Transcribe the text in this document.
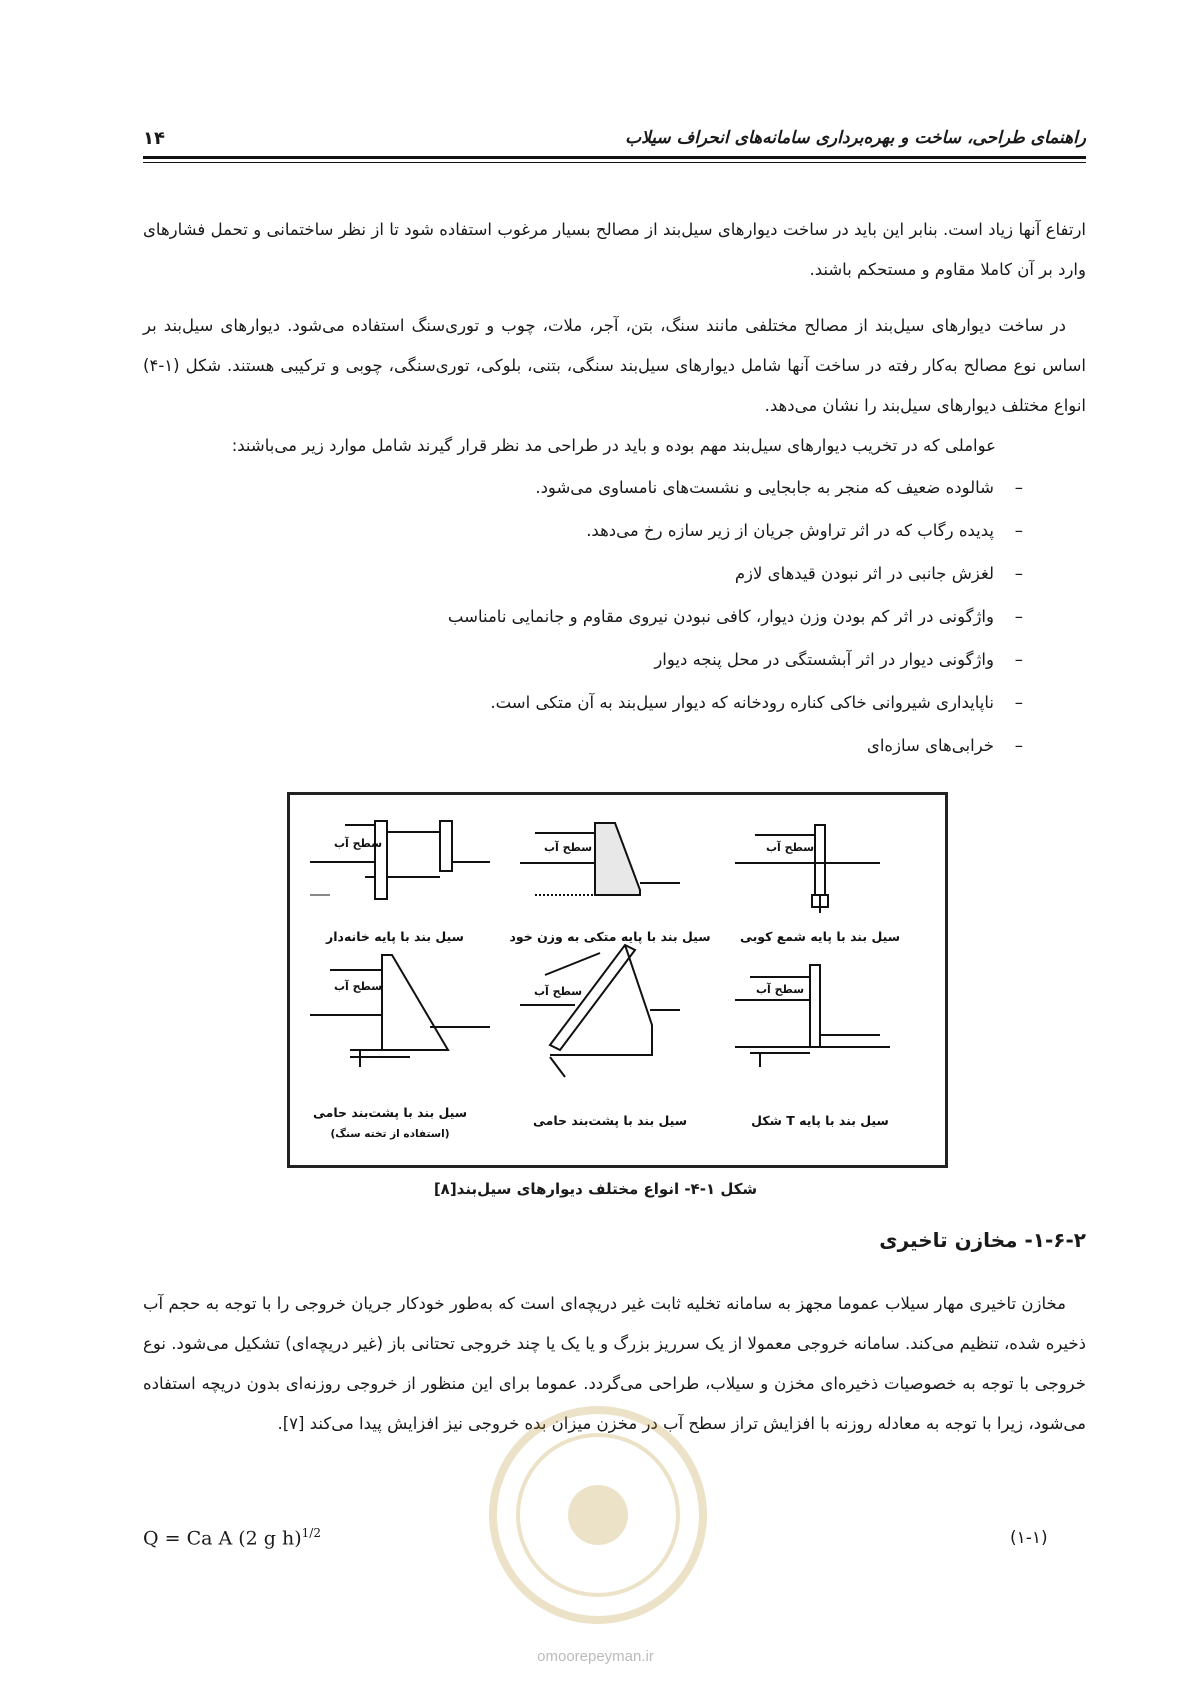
راهنمای طراحی، ساخت و بهره‌برداری سامانه‌های انحراف سیلاب
۱۴
ارتفاع آنها زیاد است. بنابر این باید در ساخت دیوارهای سیل‌بند از مصالح بسیار مرغوب استفاده شود تا از نظر ساختمانی و تحمل فشارهای وارد بر آن کاملا مقاوم و مستحکم باشند.
در ساخت دیوارهای سیل‌بند از مصالح مختلفی مانند سنگ، بتن، آجر، ملات، چوب و توری‌سنگ استفاده می‌شود. دیوارهای سیل‌بند بر اساس نوع مصالح به‌کار رفته در ساخت آنها شامل دیوارهای سیل‌بند سنگی، بتنی، بلوکی، توری‌سنگی، چوبی و ترکیبی هستند. شکل (۱-۴) انواع مختلف دیوارهای سیل‌بند را نشان می‌دهد.
عواملی که در تخریب دیوارهای سیل‌بند مهم بوده و باید در طراحی مد نظر قرار گیرند شامل موارد زیر می‌باشند:
–
شالوده ضعیف که منجر به جابجایی و نشست‌های نامساوی می‌شود.
–
پدیده رگاب که در اثر تراوش جریان از زیر سازه رخ می‌دهد.
–
لغزش جانبی در اثر نبودن قیدهای لازم
–
واژگونی در اثر کم بودن وزن دیوار، کافی نبودن نیروی مقاوم و جانمایی نامناسب
–
واژگونی دیوار در اثر آبشستگی در محل پنجه دیوار
–
ناپایداری شیروانی خاکی کناره رودخانه که دیوار سیل‌بند به آن متکی است.
–
خرابی‌های سازه‌ای
سطح آب	سطح آب	سطح آب
سطح آب	سطح آب	سطح آب
سیل بند با پایه خانه‌دار	سیل بند با پایه متکی به وزن خود سیل بند با پایه شمع کوبی
سیل بند با پشت‌بند حامی
(استفاده از تخته سنگ)
سیل بند با پشت‌بند حامی	سیل بند با پایه T شکل
شکل ۱-۴- انواع مختلف دیوارهای سیل‌بند[۸]
۱-۶-۲- مخازن تاخیری
مخازن تاخیری مهار سیلاب عموما مجهز به سامانه تخلیه ثابت غیر دریچه‌ای است که به‌طور خودکار جریان خروجی را با توجه به حجم آب ذخیره شده، تنظیم می‌کند. سامانه خروجی معمولا از یک سرریز بزرگ و یا یک یا چند خروجی تحتانی باز (غیر دریچه‌ای) تشکیل می‌شود. نوع خروجی با توجه به خصوصیات ذخیره‌ای مخزن و سیلاب، طراحی می‌گردد. عموما برای این منظور از خروجی روزنه‌ای بدون دریچه استفاده می‌شود، زیرا با توجه به معادله روزنه با افزایش تراز سطح آب در مخزن میزان بده خروجی نیز افزایش پیدا می‌کند [۷].
Q = Ca A (2 g h)$^{1/2}$	(۱-۱)
omoorepeyman.ir
